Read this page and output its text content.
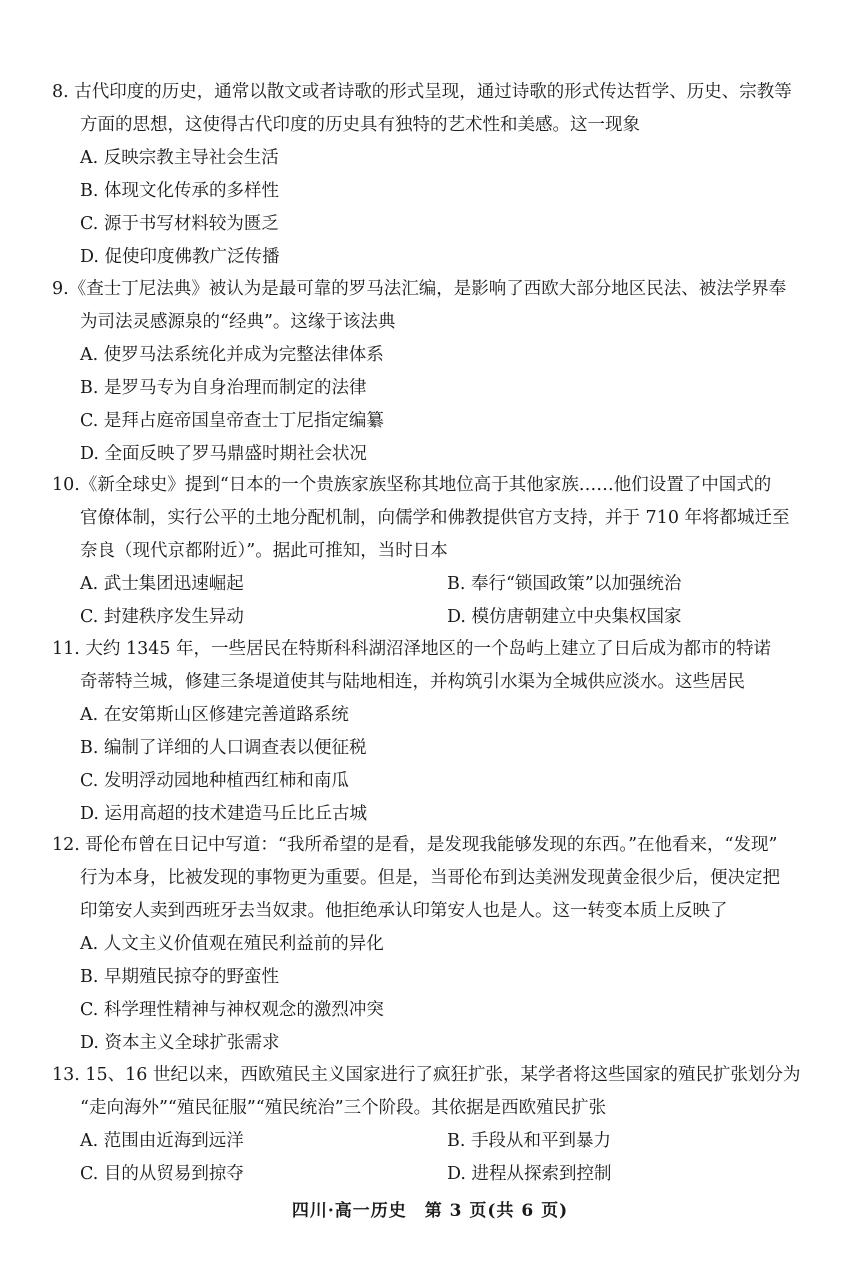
8. 古代印度的历史，通常以散文或者诗歌的形式呈现，通过诗歌的形式传达哲学、历史、宗教等
方面的思想，这使得古代印度的历史具有独特的艺术性和美感。这一现象
A. 反映宗教主导社会生活
B. 体现文化传承的多样性
C. 源于书写材料较为匮乏
D. 促使印度佛教广泛传播
9.《查士丁尼法典》被认为是最可靠的罗马法汇编，是影响了西欧大部分地区民法、被法学界奉
为司法灵感源泉的“经典”。这缘于该法典
A. 使罗马法系统化并成为完整法律体系
B. 是罗马专为自身治理而制定的法律
C. 是拜占庭帝国皇帝查士丁尼指定编纂
D. 全面反映了罗马鼎盛时期社会状况
10.《新全球史》提到“日本的一个贵族家族坚称其地位高于其他家族……他们设置了中国式的
官僚体制，实行公平的土地分配机制，向儒学和佛教提供官方支持，并于 710 年将都城迁至
奈良（现代京都附近）”。据此可推知，当时日本
A. 武士集团迅速崛起	B. 奉行“锁国政策”以加强统治
C. 封建秩序发生异动	D. 模仿唐朝建立中央集权国家
11. 大约 1345 年，一些居民在特斯科科湖沼泽地区的一个岛屿上建立了日后成为都市的特诺
奇蒂特兰城，修建三条堤道使其与陆地相连，并构筑引水渠为全城供应淡水。这些居民
A. 在安第斯山区修建完善道路系统
B. 编制了详细的人口调查表以便征税
C. 发明浮动园地种植西红柿和南瓜
D. 运用高超的技术建造马丘比丘古城
12. 哥伦布曾在日记中写道：“我所希望的是看，是发现我能够发现的东西。”在他看来，“发现”
行为本身，比被发现的事物更为重要。但是，当哥伦布到达美洲发现黄金很少后，便决定把
印第安人卖到西班牙去当奴隶。他拒绝承认印第安人也是人。这一转变本质上反映了
A. 人文主义价值观在殖民利益前的异化
B. 早期殖民掠夺的野蛮性
C. 科学理性精神与神权观念的激烈冲突
D. 资本主义全球扩张需求
13. 15、16 世纪以来，西欧殖民主义国家进行了疯狂扩张，某学者将这些国家的殖民扩张划分为
“走向海外”“殖民征服”“殖民统治”三个阶段。其依据是西欧殖民扩张
A. 范围由近海到远洋	B. 手段从和平到暴力
C. 目的从贸易到掠夺	D. 进程从探索到控制
四川·高一历史　第 3 页(共 6 页)
